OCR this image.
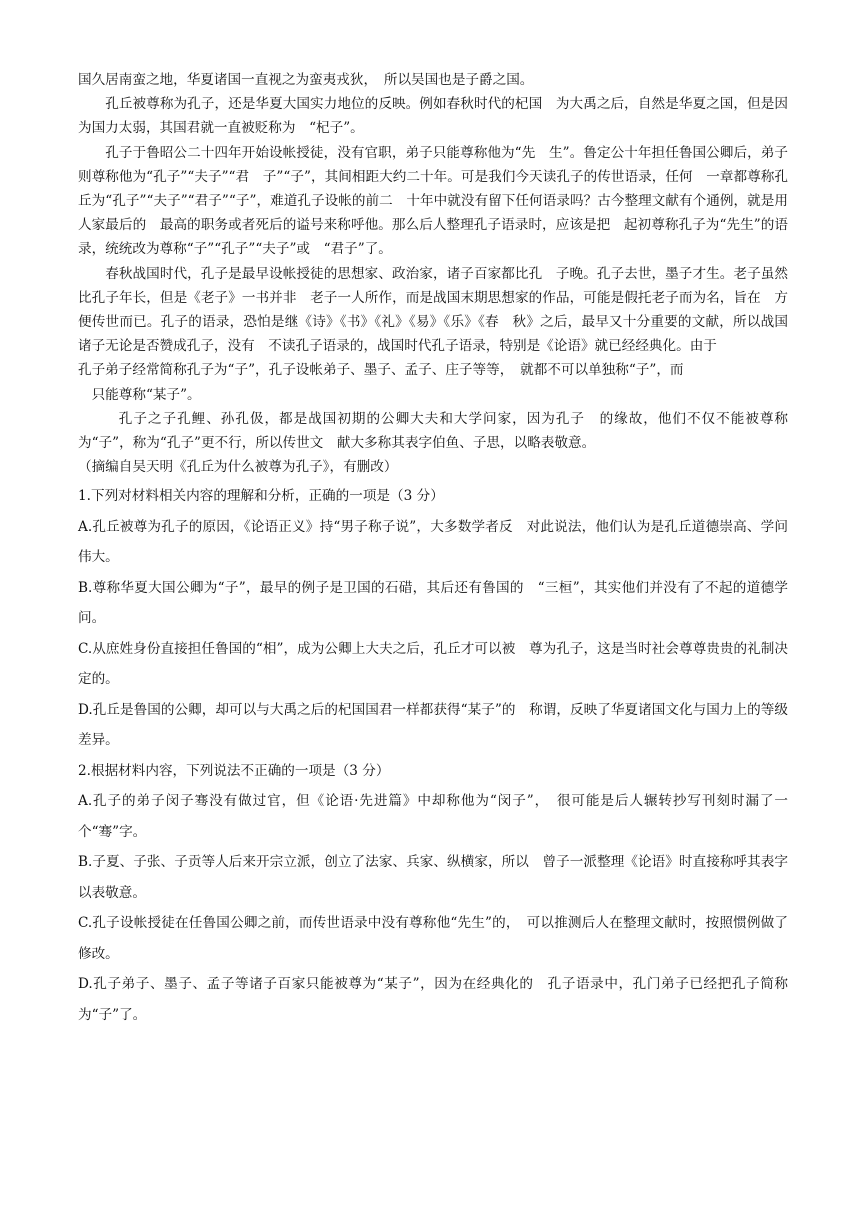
国久居南蛮之地，华夏诸国一直视之为蛮夷戎狄，　所以吴国也是子爵之国。

孔丘被尊称为孔子，还是华夏大国实力地位的反映。例如春秋时代的杞国　为大禹之后，自然是华夏之国，但是因为国力太弱，其国君就一直被贬称为　“杞子”。

孔子于鲁昭公二十四年开始设帐授徒，没有官职，弟子只能尊称他为“先　生”。鲁定公十年担任鲁国公卿后，弟子则尊称他为“孔子”“夫子”“君　子”“子”，其间相距大约二十年。可是我们今天读孔子的传世语录，任何　一章都尊称孔丘为“孔子”“夫子”“君子”“子”，难道孔子设帐的前二　十年中就没有留下任何语录吗？古今整理文献有个通例，就是用人家最后的　最高的职务或者死后的谥号来称呼他。那么后人整理孔子语录时，应该是把　起初尊称孔子为“先生”的语录，统统改为尊称“子”“孔子”“夫子”或　“君子”了。

春秋战国时代，孔子是最早设帐授徒的思想家、政治家，诸子百家都比孔　子晚。孔子去世，墨子才生。老子虽然比孔子年长，但是《老子》一书并非　老子一人所作，而是战国末期思想家的作品，可能是假托老子而为名，旨在　方便传世而已。孔子的语录，恐怕是继《诗》《书》《礼》《易》《乐》《春　秋》之后，最早又十分重要的文献，所以战国诸子无论是否赞成孔子，没有　不读孔子语录的，战国时代孔子语录，特别是《论语》就已经经典化。由于

孔子弟子经常简称孔子为“子”，孔子设帐弟子、墨子、孟子、庄子等等，　就都不可以单独称“子”，而

只能尊称“某子”。

孔子之子孔鲤、孙孔伋，都是战国初期的公卿大夫和大学问家，因为孔子　的缘故，他们不仅不能被尊称为“子”，称为“孔子”更不行，所以传世文　献大多称其表字伯鱼、子思，以略表敬意。

（摘编自吴天明《孔丘为什么被尊为孔子》，有删改）

1.下列对材料相关内容的理解和分析，正确的一项是（3 分）

A.孔丘被尊为孔子的原因，《论语正义》持“男子称子说”，大多数学者反　对此说法，他们认为是孔丘道德崇高、学问伟大。

B.尊称华夏大国公卿为“子”，最早的例子是卫国的石碏，其后还有鲁国的　“三桓”，其实他们并没有了不起的道德学问。

C.从庶姓身份直接担任鲁国的“相”，成为公卿上大夫之后，孔丘才可以被　尊为孔子，这是当时社会尊尊贵贵的礼制决定的。

D.孔丘是鲁国的公卿，却可以与大禹之后的杞国国君一样都获得“某子”的　称谓，反映了华夏诸国文化与国力上的等级差异。

2.根据材料内容，下列说法不正确的一项是（3 分）

A.孔子的弟子闵子骞没有做过官，但《论语·先进篇》中却称他为“闵子”，　很可能是后人辗转抄写刊刻时漏了一个“骞”字。

B.子夏、子张、子贡等人后来开宗立派，创立了法家、兵家、纵横家，所以　曾子一派整理《论语》时直接称呼其表字以表敬意。

C.孔子设帐授徒在任鲁国公卿之前，而传世语录中没有尊称他“先生”的，　可以推测后人在整理文献时，按照惯例做了修改。

D.孔子弟子、墨子、孟子等诸子百家只能被尊为“某子”，因为在经典化的　孔子语录中，孔门弟子已经把孔子简称为“子”了。
